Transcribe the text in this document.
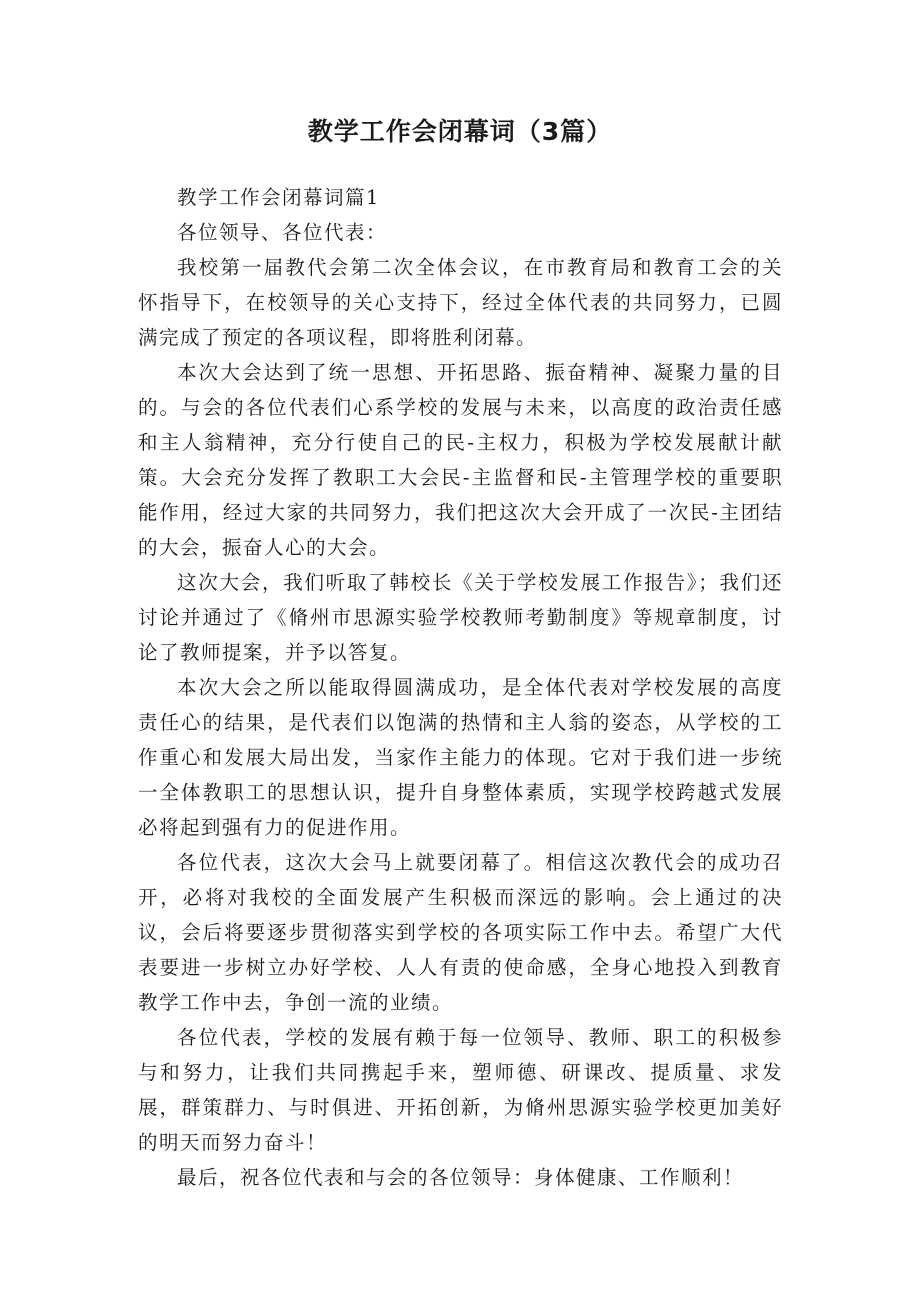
教学工作会闭幕词（3篇）

教学工作会闭幕词篇1

各位领导、各位代表：

我校第一届教代会第二次全体会议，在市教育局和教育工会的关怀指导下，在校领导的关心支持下，经过全体代表的共同努力，已圆满完成了预定的各项议程，即将胜利闭幕。

本次大会达到了统一思想、开拓思路、振奋精神、凝聚力量的目的。与会的各位代表们心系学校的发展与未来，以高度的政治责任感和主人翁精神，充分行使自己的民-主权力，积极为学校发展献计献策。大会充分发挥了教职工大会民-主监督和民-主管理学校的重要职能作用，经过大家的共同努力，我们把这次大会开成了一次民-主团结的大会，振奋人心的大会。

这次大会，我们听取了韩校长《关于学校发展工作报告》；我们还讨论并通过了《脩州市思源实验学校教师考勤制度》等规章制度，讨论了教师提案，并予以答复。

本次大会之所以能取得圆满成功，是全体代表对学校发展的高度责任心的结果，是代表们以饱满的热情和主人翁的姿态，从学校的工作重心和发展大局出发，当家作主能力的体现。它对于我们进一步统一全体教职工的思想认识，提升自身整体素质，实现学校跨越式发展必将起到强有力的促进作用。

各位代表，这次大会马上就要闭幕了。相信这次教代会的成功召开，必将对我校的全面发展产生积极而深远的影响。会上通过的决议，会后将要逐步贯彻落实到学校的各项实际工作中去。希望广大代表要进一步树立办好学校、人人有责的使命感，全身心地投入到教育教学工作中去，争创一流的业绩。

各位代表，学校的发展有赖于每一位领导、教师、职工的积极参与和努力，让我们共同携起手来，塑师德、研课改、提质量、求发展，群策群力、与时俱进、开拓创新，为脩州思源实验学校更加美好的明天而努力奋斗！

最后，祝各位代表和与会的各位领导：身体健康、工作顺利！
